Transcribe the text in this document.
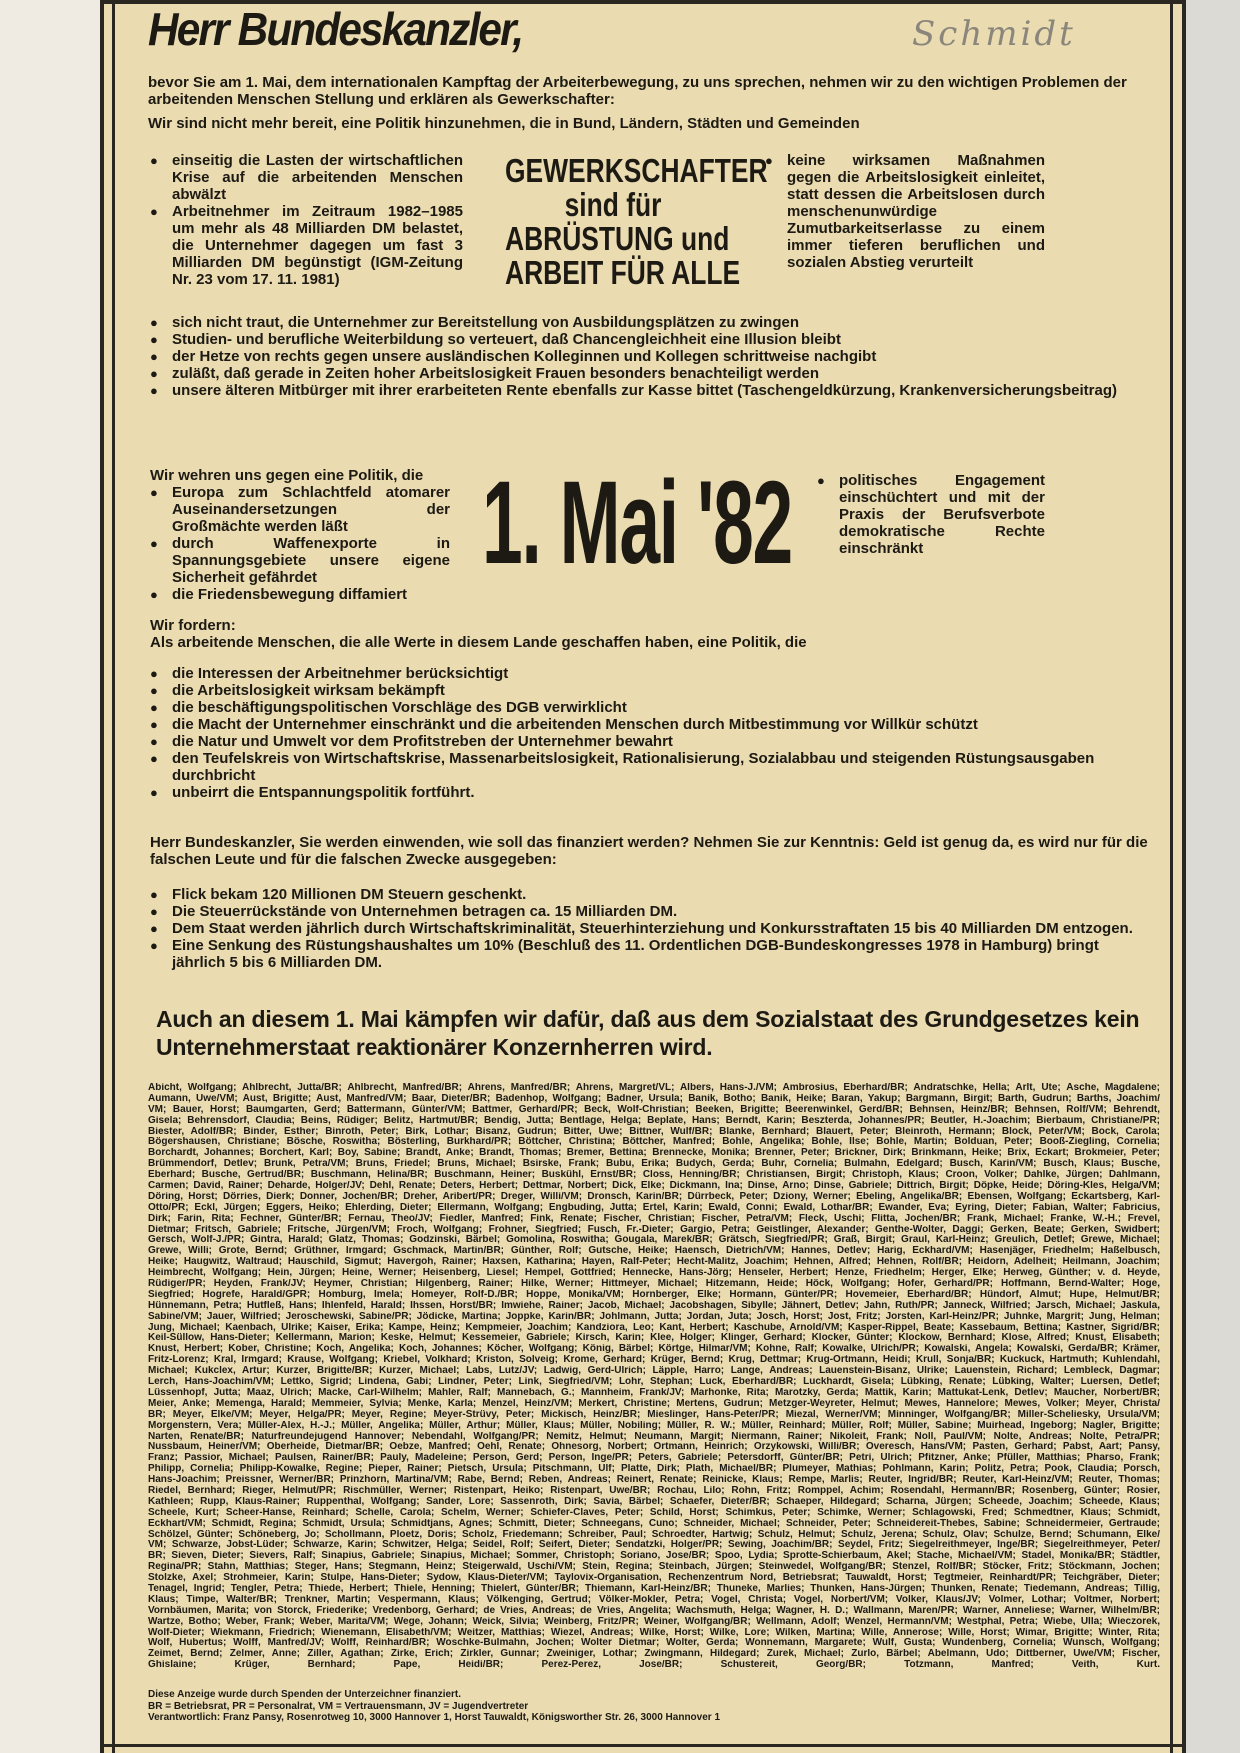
Herr Bundeskanzler,	Schmidt
bevor Sie am 1. Mai, dem internationalen Kampftag der Arbeiterbewegung, zu uns sprechen, nehmen wir zu den wichtigen Problemen der arbeitenden Menschen Stellung und erklären als Gewerkschafter:
Wir sind nicht mehr bereit, eine Politik hinzunehmen, die in Bund, Ländern, Städten und Gemeinden
● einseitig die Lasten der wirtschaftlichen Krise auf die arbeitenden Menschen abwälzt
● Arbeitnehmer im Zeitraum 1982–1985 um mehr als 48 Milliarden DM belastet, die Unternehmer dagegen um fast 3 Milliarden DM begünstigt (IGM-Zeitung Nr. 23 vom 17. 11. 1981)
GEWERKSCHAFTER
sind für
ABRÜSTUNG und
ARBEIT FÜR ALLE
● keine wirksamen Maßnahmen gegen die Arbeitslosigkeit einleitet, statt dessen die Arbeitslosen durch menschenunwürdige Zumutbarkeitserlasse zu einem immer tieferen beruflichen und sozialen Abstieg verurteilt
● sich nicht traut, die Unternehmer zur Bereitstellung von Ausbildungsplätzen zu zwingen
● Studien- und berufliche Weiterbildung so verteuert, daß Chancengleichheit eine Illusion bleibt
● der Hetze von rechts gegen unsere ausländischen Kolleginnen und Kollegen schrittweise nachgibt
● zuläßt, daß gerade in Zeiten hoher Arbeitslosigkeit Frauen besonders benachteiligt werden
● unsere älteren Mitbürger mit ihrer erarbeiteten Rente ebenfalls zur Kasse bittet (Taschengeldkürzung, Krankenversicherungsbeitrag)
Wir wehren uns gegen eine Politik, die
● Europa zum Schlachtfeld atomarer Auseinandersetzungen der Großmächte werden läßt
● durch Waffenexporte in Spannungsgebiete unsere eigene Sicherheit gefährdet
● die Friedensbewegung diffamiert
1. Mai '82	● politisches Engagement einschüchtert und mit der Praxis der Berufsverbote demokratische Rechte einschränkt
Wir fordern:
Als arbeitende Menschen, die alle Werte in diesem Lande geschaffen haben, eine Politik, die
● die Interessen der Arbeitnehmer berücksichtigt
● die Arbeitslosigkeit wirksam bekämpft
● die beschäftigungspolitischen Vorschläge des DGB verwirklicht
● die Macht der Unternehmer einschränkt und die arbeitenden Menschen durch Mitbestimmung vor Willkür schützt
● die Natur und Umwelt vor dem Profitstreben der Unternehmer bewahrt
● den Teufelskreis von Wirtschaftskrise, Massenarbeitslosigkeit, Rationalisierung, Sozialabbau und steigenden Rüstungsausgaben durchbricht
● unbeirrt die Entspannungspolitik fortführt.
Herr Bundeskanzler, Sie werden einwenden, wie soll das finanziert werden? Nehmen Sie zur Kenntnis: Geld ist genug da, es wird nur für die falschen Leute und für die falschen Zwecke ausgegeben:
● Flick bekam 120 Millionen DM Steuern geschenkt.
● Die Steuerrückstände von Unternehmen betragen ca. 15 Milliarden DM.
● Dem Staat werden jährlich durch Wirtschaftskriminalität, Steuerhinterziehung und Konkursstraftaten 15 bis 40 Milliarden DM entzogen.
● Eine Senkung des Rüstungshaushaltes um 10% (Beschluß des 11. Ordentlichen DGB-Bundeskongresses 1978 in Hamburg) bringt jährlich 5 bis 6 Milliarden DM.
Auch an diesem 1. Mai kämpfen wir dafür, daß aus dem Sozialstaat des Grundgesetzes kein Unternehmerstaat reaktionärer Konzernherren wird.
Abicht, Wolfgang; Ahlbrecht, Jutta/BR; Ahlbrecht, Manfred/BR; Ahrens, Manfred/BR; Ahrens, Margret/VL; Albers, Hans-J./VM; Ambrosius, Eberhard/BR; Andratschke, Hella; Arlt, Ute; Asche, Magdalene;
Aumann, Uwe/VM; Aust, Brigitte; Aust, Manfred/VM; Baar, Dieter/BR; Badenhop, Wolfgang; Badner, Ursula; Banik, Botho; Banik, Heike; Baran, Yakup; Bargmann, Birgit; Barth, Gudrun; Barths, Joachim/
VM; Bauer, Horst; Baumgarten, Gerd; Battermann, Günter/VM; Battmer, Gerhard/PR; Beck, Wolf-Christian; Beeken, Brigitte; Beerenwinkel, Gerd/BR; Behnsen, Heinz/BR; Behnsen, Rolf/VM; Behrendt,
Gisela; Behrensdorf, Claudia; Beins, Rüdiger; Belitz, Hartmut/BR; Bendig, Jutta; Bentlage, Helga; Beplate, Hans; Berndt, Karin; Beszterda, Johannes/PR; Beutler, H.-Joachim; Bierbaum, Christiane/PR;
Biester, Adolf/BR; Binder, Esther; Binroth, Peter; Birk, Lothar; Bisanz, Gudrun; Bitter, Uwe; Bittner, Wulf/BR; Blanke, Bernhard; Blauert, Peter; Bleinroth, Hermann; Block, Peter/VM; Bock, Carola;
Bögershausen, Christiane; Bösche, Roswitha; Bösterling, Burkhard/PR; Böttcher, Christina; Böttcher, Manfred; Bohle, Angelika; Bohle, Ilse; Bohle, Martin; Bolduan, Peter; Booß-Ziegling, Cornelia;
Borchardt, Johannes; Borchert, Karl; Boy, Sabine; Brandt, Anke; Brandt, Thomas; Bremer, Bettina; Brennecke, Monika; Brenner, Peter; Brickner, Dirk; Brinkmann, Heike; Brix, Eckart; Brokmeier, Peter;
Brümmendorf, Detlev; Brunk, Petra/VM; Bruns, Friedel; Bruns, Michael; Bsirske, Frank; Bubu, Erika; Budych, Gerda; Buhr, Cornelia; Bulmahn, Edelgard; Busch, Karin/VM; Busch, Klaus; Busche,
Eberhard; Busche, Gertrud/BR; Buschmann, Helina/BR; Buschmann, Heiner; Buskühl, Ernst/BR; Closs, Henning/BR; Christiansen, Birgit; Christoph, Klaus; Croon, Volker; Dahlke, Jürgen; Dahlmann,
Carmen; David, Rainer; Deharde, Holger/JV; Dehl, Renate; Deters, Herbert; Dettmar, Norbert; Dick, Elke; Dickmann, Ina; Dinse, Arno; Dinse, Gabriele; Dittrich, Birgit; Döpke, Heide; Döring-Kles, Helga/VM;
Döring, Horst; Dörries, Dierk; Donner, Jochen/BR; Dreher, Aribert/PR; Dreger, Willi/VM; Dronsch, Karin/BR; Dürrbeck, Peter; Dziony, Werner; Ebeling, Angelika/BR; Ebensen, Wolfgang; Eckartsberg, Karl-
Otto/PR; Eckl, Jürgen; Eggers, Heiko; Ehlerding, Dieter; Ellermann, Wolfgang; Engbuding, Jutta; Ertel, Karin; Ewald, Conni; Ewald, Lothar/BR; Ewander, Eva; Eyring, Dieter; Fabian, Walter; Fabricius,
Dirk; Farin, Rita; Fechner, Günter/BR; Fernau, Theo/JV; Fiedler, Manfred; Fink, Renate; Fischer, Christian; Fischer, Petra/VM; Fleck, Uschi; Flitta, Jochen/BR; Frank, Michael; Franke, W.-H.; Frevel,
Dietmar; Fritsch, Gabriele; Fritsche, Jürgen/VM; Froch, Wolfgang; Frohner, Siegfried; Fusch, Fr.-Dieter; Gargio, Petra; Geistlinger, Alexander; Genthe-Wolter, Daggi; Gerken, Beate; Gerken, Swidbert;
Gersch, Wolf-J./PR; Gintra, Harald; Glatz, Thomas; Godzinski, Bärbel; Gomolina, Roswitha; Gougala, Marek/BR; Grätsch, Siegfried/PR; Graß, Birgit; Graul, Karl-Heinz; Greulich, Detlef; Grewe, Michael;
Grewe, Willi; Grote, Bernd; Grüthner, Irmgard; Gschmack, Martin/BR; Günther, Rolf; Gutsche, Heike; Haensch, Dietrich/VM; Hannes, Detlev; Harig, Eckhard/VM; Hasenjäger, Friedhelm; Haßelbusch,
Heike; Haugwitz, Waltraud; Hauschild, Sigmut; Havergoh, Rainer; Haxsen, Katharina; Hayen, Ralf-Peter; Hecht-Malitz, Joachim; Hehnen, Alfred; Hehnen, Rolf/BR; Heidorn, Adelheit; Heilmann, Joachim;
Heimbrecht, Wolfgang; Hein, Jürgen; Heine, Werner; Heisenberg, Liesel; Hempel, Gottfried; Hennecke, Hans-Jörg; Henseler, Herbert; Henze, Friedhelm; Herger, Elke; Herweg, Günther; v. d. Heyde,
Rüdiger/PR; Heyden, Frank/JV; Heymer, Christian; Hilgenberg, Rainer; Hilke, Werner; Hittmeyer, Michael; Hitzemann, Heide; Höck, Wolfgang; Hofer, Gerhard/PR; Hoffmann, Bernd-Walter; Hoge,
Siegfried; Hogrefe, Harald/GPR; Homburg, Imela; Homeyer, Rolf-D./BR; Hoppe, Monika/VM; Hornberger, Elke; Hormann, Günter/PR; Hovemeier, Eberhard/BR; Hündorf, Almut; Hupe, Helmut/BR;
Hünnemann, Petra; Hutfleß, Hans; Ihlenfeld, Harald; Ihssen, Horst/BR; Imwiehe, Rainer; Jacob, Michael; Jacobshagen, Sibylle; Jähnert, Detlev; Jahn, Ruth/PR; Janneck, Wilfried; Jarsch, Michael; Jaskula,
Sabine/VM; Jauer, Wilfried; Jeroschewski, Sabine/PR; Jödicke, Martina; Joppke, Karin/BR; Johlmann, Jutta; Jordan, Juta; Josch, Horst; Jost, Fritz; Jorsten, Karl-Heinz/PR; Juhnke, Margrit; Jung, Helman;
Jung, Michael; Kaenbach, Ulrike; Kaiser, Erika; Kampe, Heinz; Kempmeier, Joachim; Kandziora, Leo; Kant, Herbert; Kaschube, Arnold/VM; Kasper-Rippel, Beate; Kassebaum, Bettina; Kastner, Sigrid/BR;
Keil-Süllow, Hans-Dieter; Kellermann, Marion; Keske, Helmut; Kessemeier, Gabriele; Kirsch, Karin; Klee, Holger; Klinger, Gerhard; Klocker, Günter; Klockow, Bernhard; Klose, Alfred; Knust, Elisabeth;
Knust, Herbert; Kober, Christine; Koch, Angelika; Koch, Johannes; Köcher, Wolfgang; König, Bärbel; Körtge, Hilmar/VM; Kohne, Ralf; Kowalke, Ulrich/PR; Kowalski, Angela; Kowalski, Gerda/BR; Krämer,
Fritz-Lorenz; Kral, Irmgard; Krause, Wolfgang; Kriebel, Volkhard; Kriston, Solveig; Krome, Gerhard; Krüger, Bernd; Krug, Dettmar; Krug-Ortmann, Heidi; Krull, Sonja/BR; Kuckuck, Hartmuth; Kuhlendahl,
Michael; Kukclex, Artur; Kurzer, Brigitte/BR; Kurzer, Michael; Labs, Lutz/JV; Ladwig, Gerd-Ulrich; Läpple, Harro; Lange, Andreas; Lauenstein-Bisanz, Ulrike; Lauenstein, Richard; Lembleck, Dagmar;
Lerch, Hans-Joachim/VM; Lettko, Sigrid; Lindena, Gabi; Lindner, Peter; Link, Siegfried/VM; Lohr, Stephan; Luck, Eberhard/BR; Luckhardt, Gisela; Lübking, Renate; Lübking, Walter; Luersen, Detlef;
Lüssenhopf, Jutta; Maaz, Ulrich; Macke, Carl-Wilhelm; Mahler, Ralf; Mannebach, G.; Mannheim, Frank/JV; Marhonke, Rita; Marotzky, Gerda; Mattik, Karin; Mattukat-Lenk, Detlev; Maucher, Norbert/BR;
Meier, Anke; Memenga, Harald; Memmeier, Sylvia; Menke, Karla; Menzel, Heinz/VM; Merkert, Christine; Mertens, Gudrun; Metzger-Weyreter, Helmut; Mewes, Hannelore; Mewes, Volker; Meyer, Christa/
BR; Meyer, Elke/VM; Meyer, Helga/PR; Meyer, Regine; Meyer-Strüvy, Peter; Mickisch, Heinz/BR; Mieslinger, Hans-Peter/PR; Miezal, Werner/VM; Minninger, Wolfgang/BR; Miller-Scheliesky, Ursula/VM;
Morgenstern, Vera; Müller-Alex, H.-J.; Müller, Angelika; Müller, Arthur; Müller, Klaus; Müller, Nobiling; Müller, R. W.; Müller, Reinhard; Müller, Rolf; Müller, Sabine; Muirhead, Ingeborg; Nagler, Brigitte;
Narten, Renate/BR; Naturfreundejugend Hannover; Nebendahl, Wolfgang/PR; Nemitz, Helmut; Neumann, Margit; Niermann, Rainer; Nikoleit, Frank; Noll, Paul/VM; Nolte, Andreas; Nolte, Petra/PR;
Nussbaum, Heiner/VM; Oberheide, Dietmar/BR; Oebze, Manfred; Oehl, Renate; Ohnesorg, Norbert; Ortmann, Heinrich; Orzykowski, Willi/BR; Overesch, Hans/VM; Pasten, Gerhard; Pabst, Aart; Pansy,
Franz; Passior, Michael; Paulsen, Rainer/BR; Pauly, Madeleine; Person, Gerd; Person, Inge/PR; Peters, Gabriele; Petersdorff, Günter/BR; Petri, Ulrich; Pfitzner, Anke; Pfüller, Matthias; Pharso, Frank;
Philipp, Cornelia; Philipp-Kowalke, Regine; Pieper, Rainer; Pietsch, Ursula; Pitschmann, Ulf; Platte, Dirk; Plath, Michael/BR; Plumeyer, Mathias; Pohlmann, Karin; Politz, Petra; Pook, Claudia; Porsch,
Hans-Joachim; Preissner, Werner/BR; Prinzhorn, Martina/VM; Rabe, Bernd; Reben, Andreas; Reinert, Renate; Reinicke, Klaus; Rempe, Marlis; Reuter, Ingrid/BR; Reuter, Karl-Heinz/VM; Reuter, Thomas;
Riedel, Bernhard; Rieger, Helmut/PR; Rischmüller, Werner; Ristenpart, Heiko; Ristenpart, Uwe/BR; Rochau, Lilo; Rohn, Fritz; Romppel, Achim; Rosendahl, Hermann/BR; Rosenberg, Günter; Rosier,
Kathleen; Rupp, Klaus-Rainer; Ruppenthal, Wolfgang; Sander, Lore; Sassenroth, Dirk; Savia, Bärbel; Schaefer, Dieter/BR; Schaeper, Hildegard; Scharna, Jürgen; Scheede, Joachim; Scheede, Klaus;
Scheele, Kurt; Scheer-Hanse, Reinhard; Schelle, Carola; Schelm, Werner; Schiefer-Claves, Peter; Schild, Horst; Schimkus, Peter; Schimke, Werner; Schlagowski, Fred; Schmedtner, Klaus; Schmidt,
Eckhart/VM; Schmidt, Regina; Schmidt, Ursula; Schmidtjans, Agnes; Schmitt, Dieter; Schneegans, Cuno; Schneider, Michael; Schneider, Peter; Schneidereit-Thebes, Sabine; Schneidermeier, Gertraude;
Schölzel, Günter; Schöneberg, Jo; Schollmann, Ploetz, Doris; Scholz, Friedemann; Schreiber, Paul; Schroedter, Hartwig; Schulz, Helmut; Schulz, Jerena; Schulz, Olav; Schulze, Bernd; Schumann, Elke/
VM; Schwarze, Jobst-Lüder; Schwarze, Karin; Schwitzer, Helga; Seidel, Rolf; Seifert, Dieter; Sendatzki, Holger/PR; Sewing, Joachim/BR; Seydel, Fritz; Siegelreithmeyer, Inge/BR; Siegelreithmeyer, Peter/
BR; Sieven, Dieter; Sievers, Ralf; Sinapius, Gabriele; Sinapius, Michael; Sommer, Christoph; Soriano, Jose/BR; Spoo, Lydia; Sprotte-Schierbaum, Akel; Stache, Michael/VM; Stadel, Monika/BR; Städtler,
Regina/PR; Stahn, Matthias; Steger, Hans; Stegmann, Heinz; Steigerwald, Uschi/VM; Stein, Regina; Steinbach, Jürgen; Steinwedel, Wolfgang/BR; Stenzel, Rolf/BR; Stöcker, Fritz; Stöckmann, Jochen;
Stolzke, Axel; Strohmeier, Karin; Stulpe, Hans-Dieter; Sydow, Klaus-Dieter/VM; Taylovix-Organisation, Rechenzentrum Nord, Betriebsrat; Tauwaldt, Horst; Tegtmeier, Reinhardt/PR; Teichgräber, Dieter;
Tenagel, Ingrid; Tengler, Petra; Thiede, Herbert; Thiele, Henning; Thielert, Günter/BR; Thiemann, Karl-Heinz/BR; Thuneke, Marlies; Thunken, Hans-Jürgen; Thunken, Renate; Tiedemann, Andreas; Tillig,
Klaus; Timpe, Walter/BR; Trenkner, Martin; Vespermann, Klaus; Völkenging, Gertrud; Völker-Mokler, Petra; Vogel, Christa; Vogel, Norbert/VM; Volker, Klaus/JV; Volmer, Lothar; Voltmer, Norbert;
Vornbäumen, Marita; von Storck, Friederike; Vredenborg, Gerhard; de Vries, Andreas; de Vries, Angelita; Wachsmuth, Helga; Wagner, H. D.; Wallmann, Maren/PR; Warner, Anneliese; Warner, Wilhelm/BR;
Wartze, Botho; Weber, Frank; Weber, Marita/VM; Wege, Johann; Weick, Silvia; Weinberg, Fritz/PR; Weiner, Wolfgang/BR; Wellmann, Adolf; Wenzel, Hermann/VM; Westphal, Petra; Wiebe, Ulla; Wieczorek,
Wolf-Dieter; Wiekmann, Friedrich; Wienemann, Elisabeth/VM; Weitzer, Matthias; Wiezel, Andreas; Wilke, Horst; Wilke, Lore; Wilken, Martina; Wille, Annerose; Wille, Horst; Wimar, Brigitte; Winter, Rita;
Wolf, Hubertus; Wolff, Manfred/JV; Wolff, Reinhard/BR; Woschke-Bulmahn, Jochen; Wolter Dietmar; Wolter, Gerda; Wonnemann, Margarete; Wulf, Gusta; Wundenberg, Cornelia; Wunsch, Wolfgang;
Zeimet, Bernd; Zelmer, Anne; Ziller, Agathan; Zirke, Erich; Zirkler, Gunnar; Zweiniger, Lothar; Zwingmann, Hildegard; Zurek, Michael; Zurlo, Bärbel; Abelmann, Udo; Dittberner, Uwe/VM; Fischer,
Ghislaine; Krüger, Bernhard; Pape, Heidi/BR; Perez-Perez, Jose/BR; Schustereit, Georg/BR; Totzmann, Manfred; Veith, Kurt.
Diese Anzeige wurde durch Spenden der Unterzeichner finanziert.
BR = Betriebsrat, PR = Personalrat, VM = Vertrauensmann, JV = Jugendvertreter
Verantwortlich: Franz Pansy, Rosenrotweg 10, 3000 Hannover 1, Horst Tauwaldt, Königsworther Str. 26, 3000 Hannover 1
